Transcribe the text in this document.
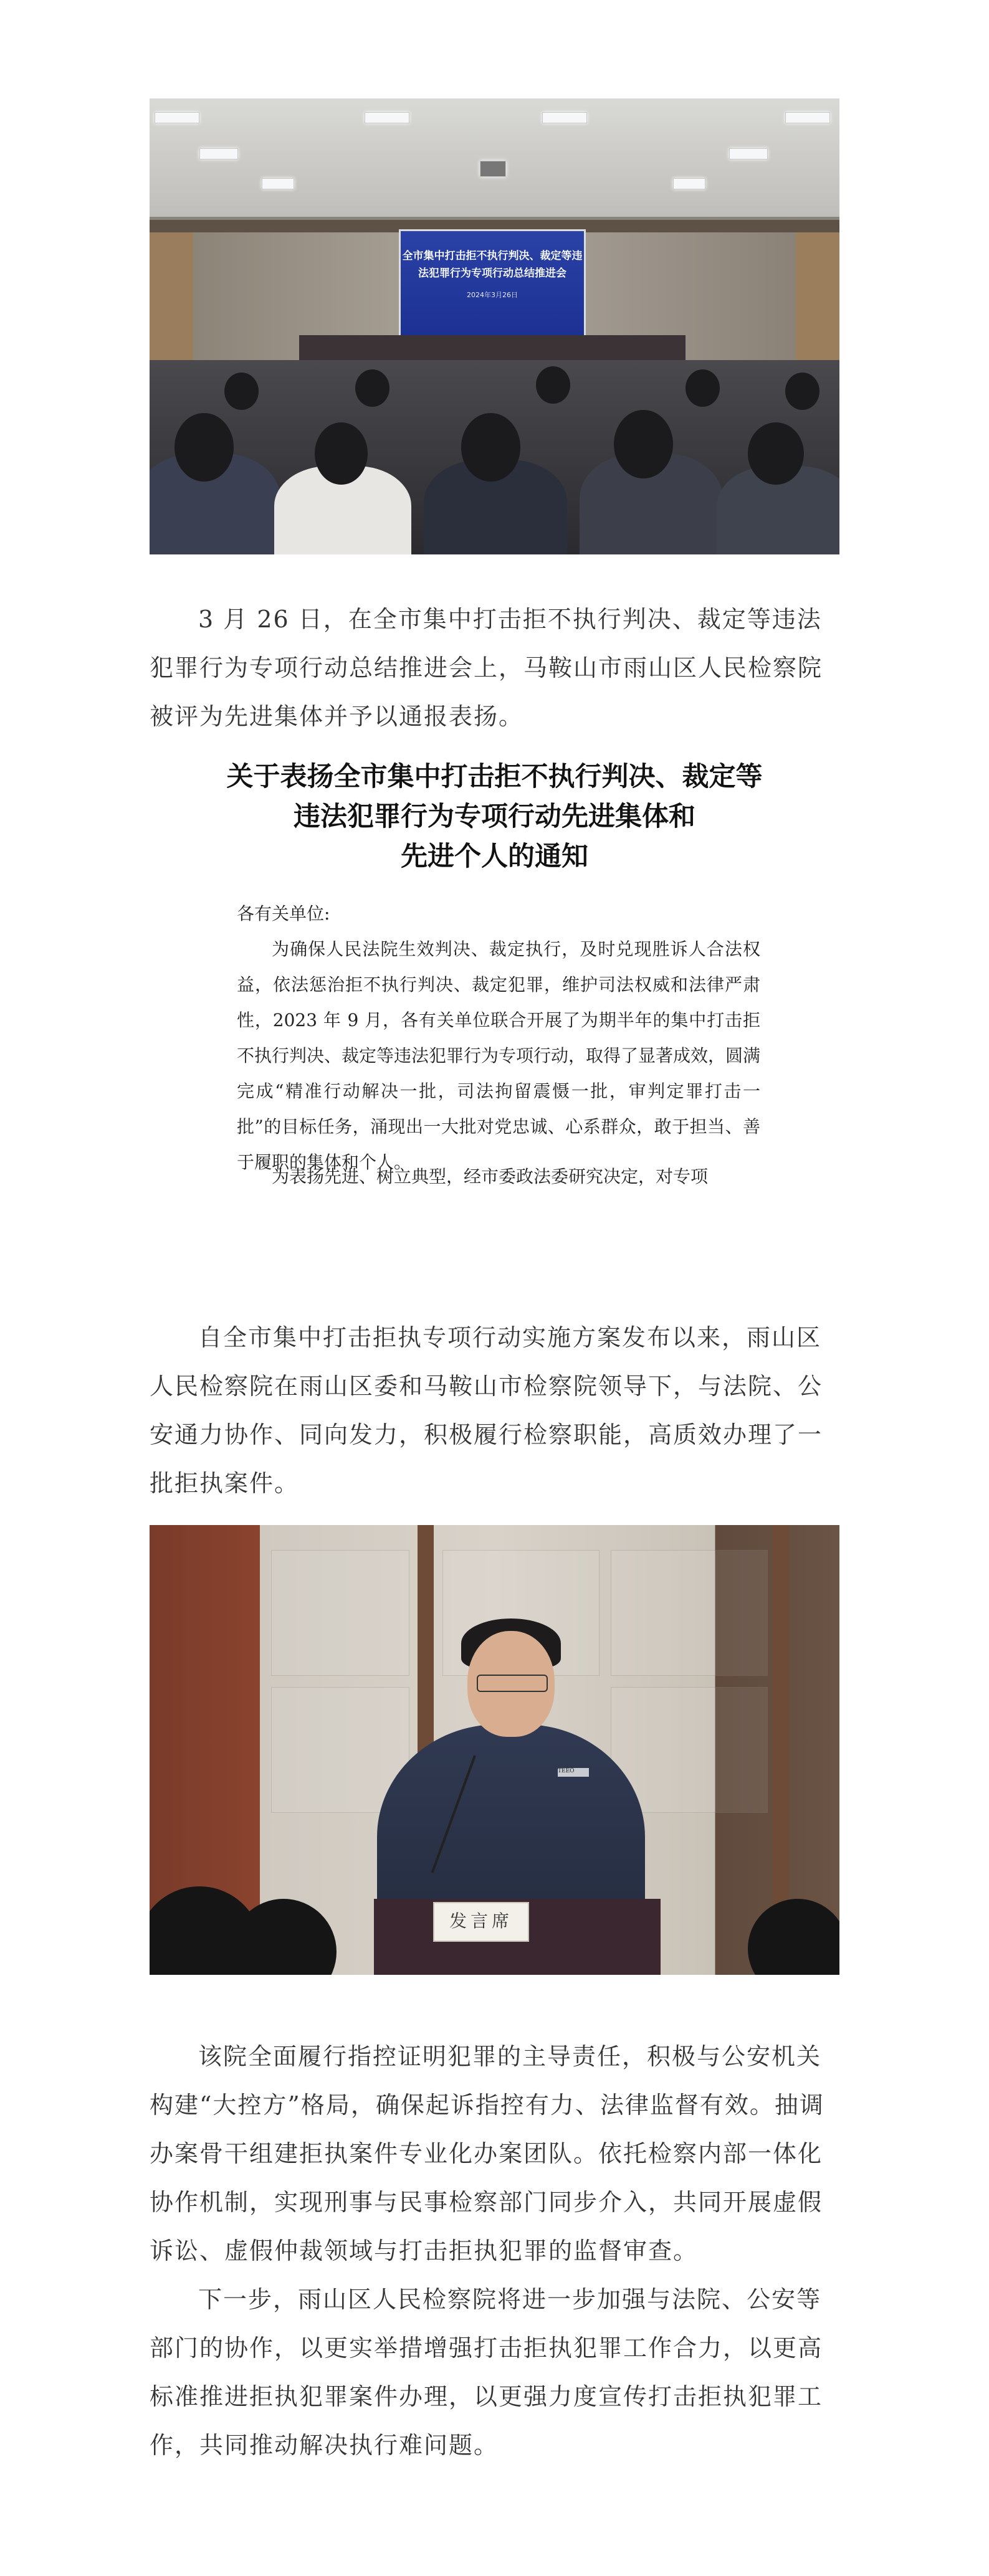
全市集中打击拒不执行判决、裁定等违法犯罪行为专项行动总结推进会
2024年3月26日

3 月 26 日，在全市集中打击拒不执行判决、裁定等违法犯罪行为专项行动总结推进会上，马鞍山市雨山区人民检察院被评为先进集体并予以通报表扬。

关于表扬全市集中打击拒不执行判决、裁定等
违法犯罪行为专项行动先进集体和
先进个人的通知
各有关单位:

为确保人民法院生效判决、裁定执行，及时兑现胜诉人合法权益，依法惩治拒不执行判决、裁定犯罪，维护司法权威和法律严肃性，2023 年 9 月，各有关单位联合开展了为期半年的集中打击拒不执行判决、裁定等违法犯罪行为专项行动，取得了显著成效，圆满完成“精准行动解决一批，司法拘留震慑一批，审判定罪打击一批”的目标任务，涌现出一大批对党忠诚、心系群众，敢于担当、善于履职的集体和个人。

为表扬先进、树立典型，经市委政法委研究决定，对专项

自全市集中打击拒执专项行动实施方案发布以来，雨山区人民检察院在雨山区委和马鞍山市检察院领导下，与法院、公安通力协作、同向发力，积极履行检察职能，高质效办理了一批拒执案件。

TEEO
发言席

该院全面履行指控证明犯罪的主导责任，积极与公安机关构建“大控方”格局，确保起诉指控有力、法律监督有效。抽调办案骨干组建拒执案件专业化办案团队。依托检察内部一体化协作机制，实现刑事与民事检察部门同步介入，共同开展虚假诉讼、虚假仲裁领域与打击拒执犯罪的监督审查。

下一步，雨山区人民检察院将进一步加强与法院、公安等部门的协作，以更实举措增强打击拒执犯罪工作合力，以更高标准推进拒执犯罪案件办理，以更强力度宣传打击拒执犯罪工作，共同推动解决执行难问题。
